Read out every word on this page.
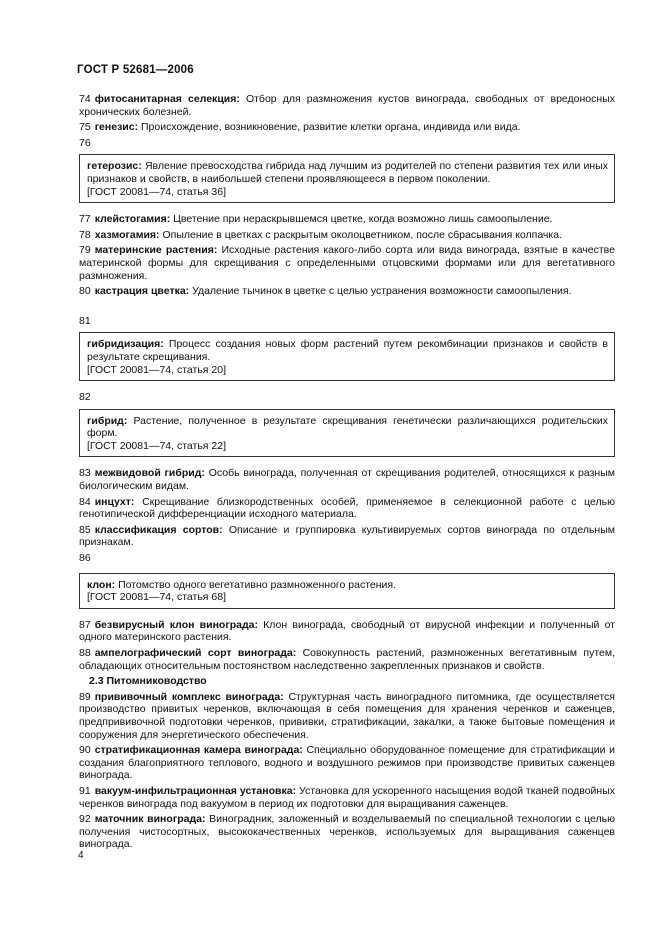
ГОСТ Р 52681—2006

74 фитосанитарная селекция: Отбор для размножения кустов винограда, свободных от вредоносных хронических болезней.

75 генезис: Происхождение, возникновение, развитие клетки органа, индивида или вида.

76

гетерозис: Явление превосходства гибрида над лучшим из родителей по степени развития тех или иных признаков и свойств, в наибольшей степени проявляющееся в первом поколении.

[ГОСТ 20081—74, статья 36]

77 клейстогамия: Цветение при нераскрывшемся цветке, когда возможно лишь самоопыление.

78 хазмогамия: Опыление в цветках с раскрытым околоцветником, после сбрасывания колпачка.

79 материнские растения: Исходные растения какого-либо сорта или вида винограда, взятые в качестве материнской формы для скрещивания с определенными отцовскими формами или для вегетативного размножения.

80 кастрация цветка: Удаление тычинок в цветке с целью устранения возможности самоопыления.

81

гибридизация: Процесс создания новых форм растений путем рекомбинации признаков и свойств в результате скрещивания.

[ГОСТ 20081—74, статья 20]

82

гибрид: Растение, полученное в результате скрещивания генетически различающихся родительских форм.

[ГОСТ 20081—74, статья 22]

83 межвидовой гибрид: Особь винограда, полученная от скрещивания родителей, относящихся к разным биологическим видам.

84 инцухт: Скрещивание близкородственных особей, применяемое в селекционной работе с целью генотипической дифференциации исходного материала.

85 классификация сортов: Описание и группировка культивируемых сортов винограда по отдельным признакам.

86

клон: Потомство одного вегетативно размноженного растения.

[ГОСТ 20081—74, статья 68]

87 безвирусный клон винограда: Клон винограда, свободный от вирусной инфекции и полученный от одного материнского растения.

88 ампелографический сорт винограда: Совокупность растений, размноженных вегетативным путем, обладающих относительным постоянством наследственно закрепленных признаков и свойств.

2.3 Питомниководство

89 прививочный комплекс винограда: Структурная часть виноградного питомника, где осуществляется производство привитых черенков, включающая в себя помещения для хранения черенков и саженцев, предпрививочной подготовки черенков, прививки, стратификации, закалки, а также бытовые помещения и сооружения для энергетического обеспечения.

90 стратификационная камера винограда: Специально оборудованное помещение для стратификации и создания благоприятного теплового, водного и воздушного режимов при производстве привитых саженцев винограда.

91 вакуум-инфильтрационная установка: Установка для ускоренного насыщения водой тканей подвойных черенков винограда под вакуумом в период их подготовки для выращивания саженцев.

92 маточник винограда: Виноградник, заложенный и возделываемый по специальной технологии с целью получения чистосортных, высококачественных черенков, используемых для выращивания саженцев винограда.

4
